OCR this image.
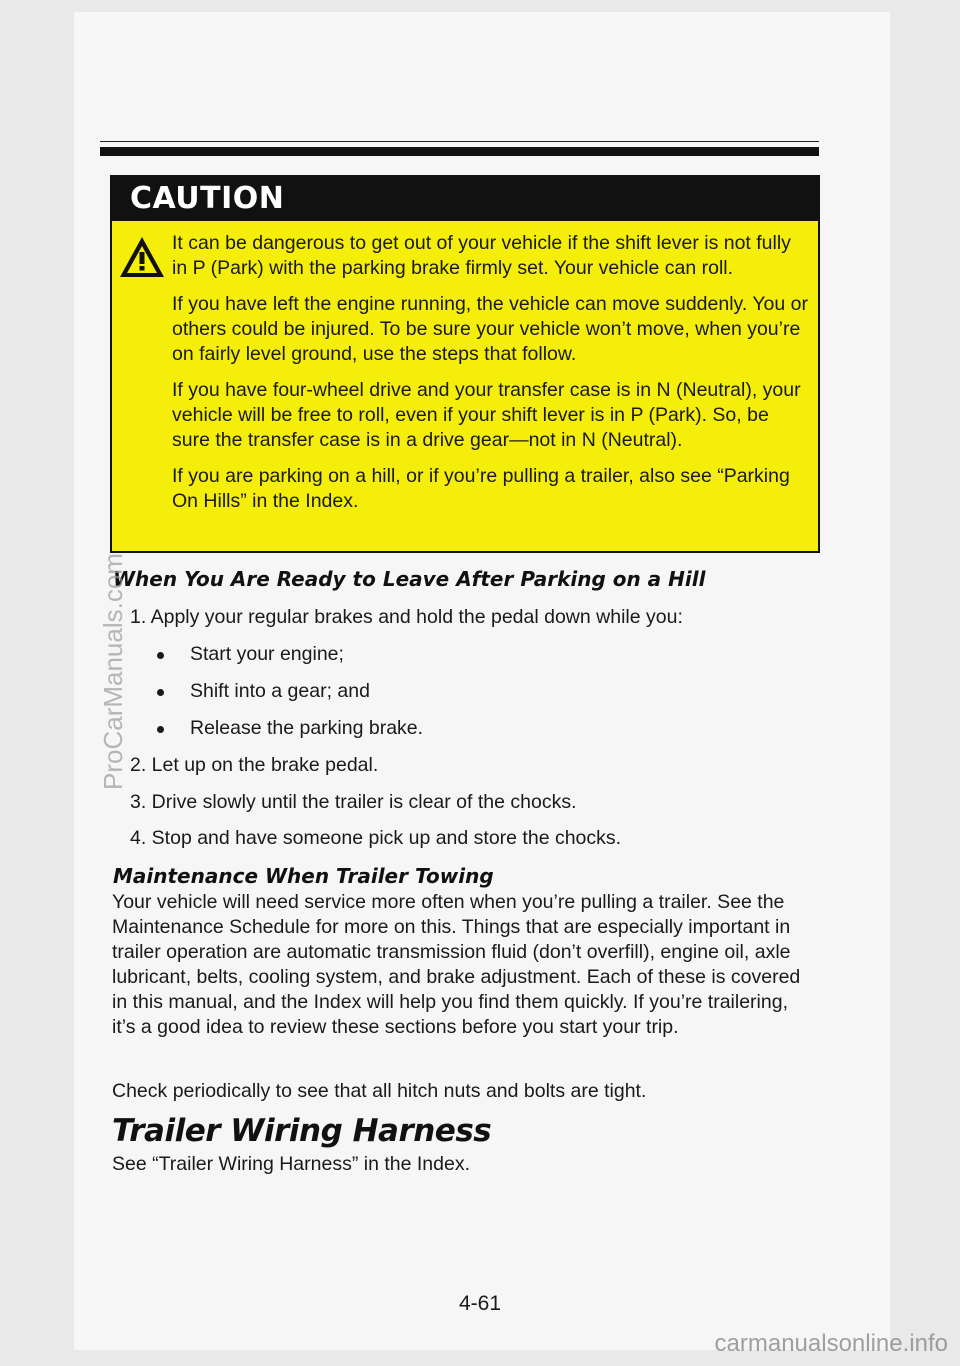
CAUTION

It can be dangerous to get out of your vehicle if the shift lever is not fully in P (Park) with the parking brake firmly set. Your vehicle can roll.

If you have left the engine running, the vehicle can move suddenly. You or others could be injured. To be sure your vehicle won’t move, when you’re on fairly level ground, use the steps that follow.

If you have four-wheel drive and your transfer case is in N (Neutral), your vehicle will be free to roll, even if your shift lever is in P (Park). So, be sure the transfer case is in a drive gear—not in N (Neutral).

If you are parking on a hill, or if you’re pulling a trailer, also see “Parking On Hills” in the Index.

When You Are Ready to Leave After Parking on a Hill
1. Apply your regular brakes and hold the pedal down while you:
Start your engine;
Shift into a gear; and
Release the parking brake.
2. Let up on the brake pedal.
3. Drive slowly until the trailer is clear of the chocks.
4. Stop and have someone pick up and store the chocks.
Maintenance When Trailer Towing
Your vehicle will need service more often when you’re pulling a trailer. See the Maintenance Schedule for more on this. Things that are especially important in trailer operation are automatic transmission fluid (don’t overfill), engine oil, axle lubricant, belts, cooling system, and brake adjustment. Each of these is covered in this manual, and the Index will help you find them quickly. If you’re trailering, it’s a good idea to review these sections before you start your trip.
Check periodically to see that all hitch nuts and bolts are tight.
Trailer Wiring Harness
See “Trailer Wiring Harness” in the Index.
4-61
ProCarManuals.com
carmanualsonline.info
